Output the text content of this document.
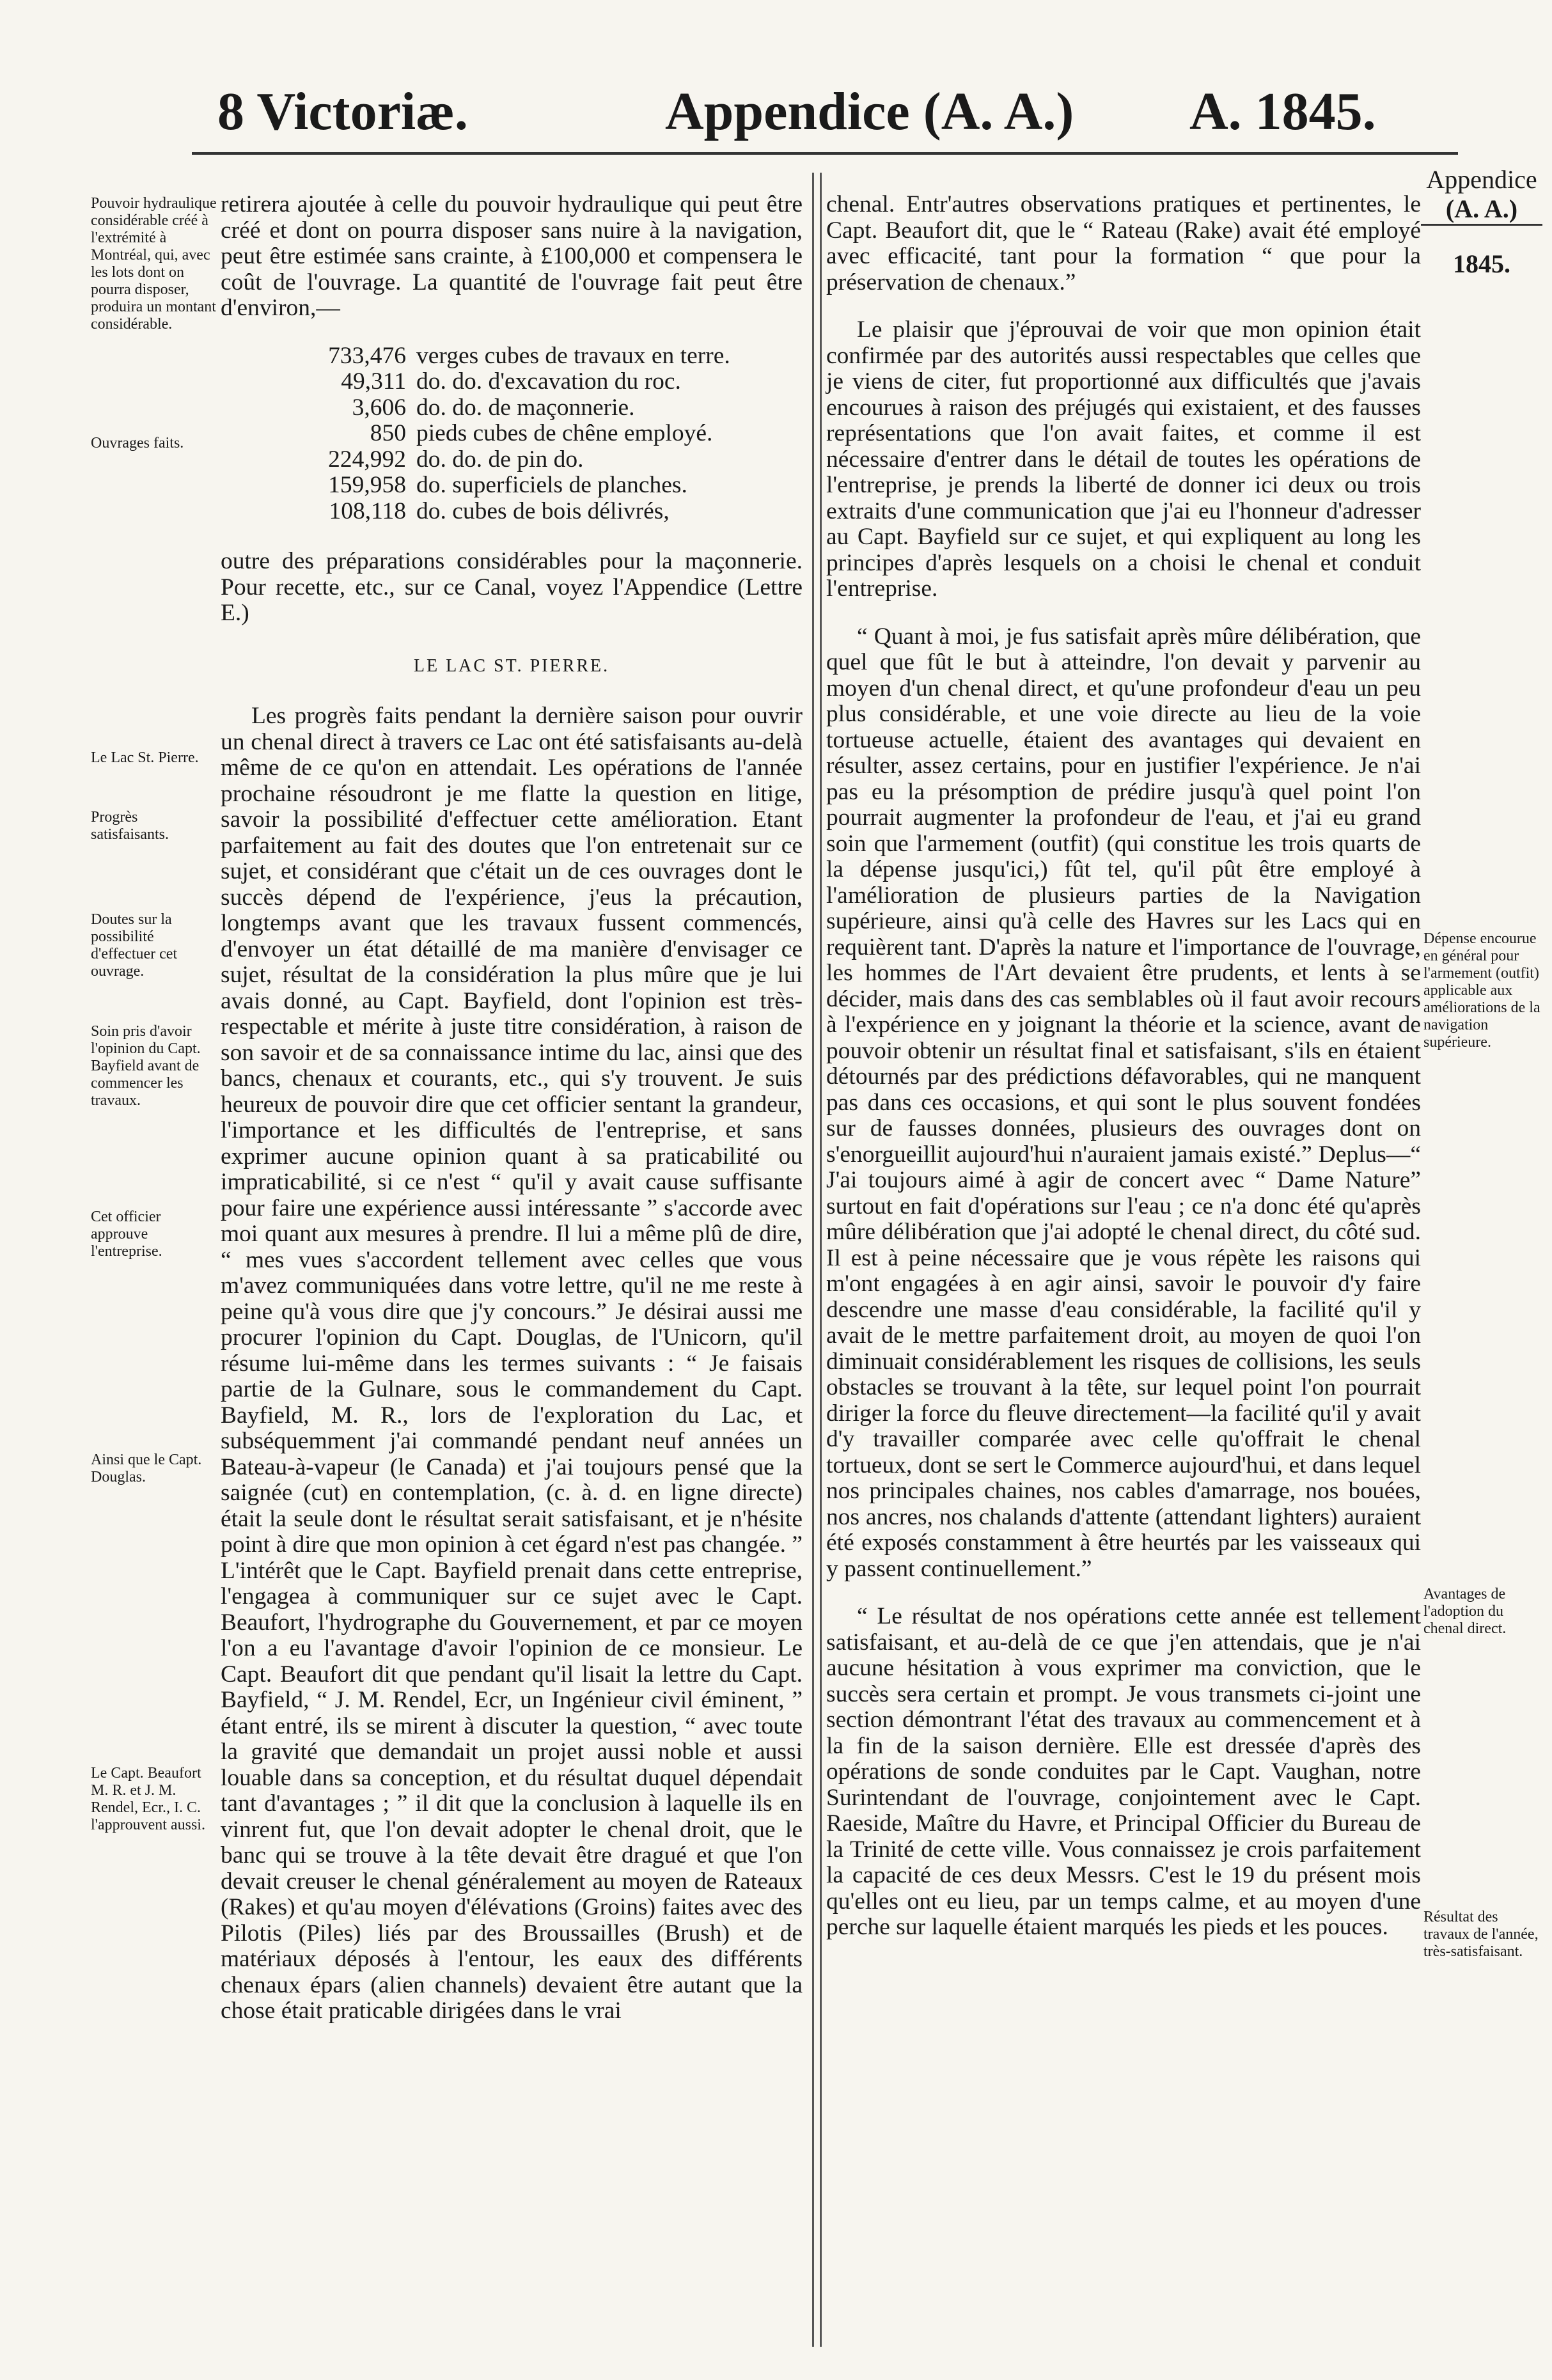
8 Victoriæ.	Appendice (A. A.) A. 1845.
Appendice
(A. A.)
1845.

retirera ajoutée à celle du pouvoir hydraulique qui peut être créé et dont on pourra disposer sans nuire à la navigation, peut être estimée sans crainte, à £100,000 et compensera le coût de l'ouvrage. La quantité de l'ouvrage fait peut être d'environ,—

733,476 verges cubes de travaux en terre.
49,311 do. do. d'excavation du roc.
3,606 do. do. de maçonnerie.
850 pieds cubes de chêne employé.
224,992 do. do. de pin do.
159,958 do. superficiels de planches.
108,118 do. cubes de bois délivrés,

outre des préparations considérables pour la maçonnerie. Pour recette, etc., sur ce Canal, voyez l'Appendice (Lettre E.)

LE LAC ST. PIERRE.

Les progrès faits pendant la dernière saison pour ouvrir un chenal direct à travers ce Lac ont été satisfaisants au-delà même de ce qu'on en attendait. Les opérations de l'année prochaine résoudront je me flatte la question en litige, savoir la possibilité d'effectuer cette amélioration. Etant parfaitement au fait des doutes que l'on entretenait sur ce sujet, et considérant que c'était un de ces ouvrages dont le succès dépend de l'expérience, j'eus la précaution, longtemps avant que les travaux fussent commencés, d'envoyer un état détaillé de ma manière d'envisager ce sujet, résultat de la considération la plus mûre que je lui avais donné, au Capt. Bayfield, dont l'opinion est très-respectable et mérite à juste titre considération, à raison de son savoir et de sa connaissance intime du lac, ainsi que des bancs, chenaux et courants, etc., qui s'y trouvent. Je suis heureux de pouvoir dire que cet officier sentant la grandeur, l'importance et les difficultés de l'entreprise, et sans exprimer aucune opinion quant à sa praticabilité ou impraticabilité, si ce n'est “ qu'il y avait cause suffisante pour faire une expérience aussi intéressante ” s'accorde avec moi quant aux mesures à prendre. Il lui a même plû de dire, “ mes vues s'accordent tellement avec celles que vous m'avez communiquées dans votre lettre, qu'il ne me reste à peine qu'à vous dire que j'y concours.” Je désirai aussi me procurer l'opinion du Capt. Douglas, de l'Unicorn, qu'il résume lui-même dans les termes suivants : “ Je faisais partie de la Gulnare, sous le commandement du Capt. Bayfield, M. R., lors de l'exploration du Lac, et subséquemment j'ai commandé pendant neuf années un Bateau-à-vapeur (le Canada) et j'ai toujours pensé que la saignée (cut) en contemplation, (c. à. d. en ligne directe) était la seule dont le résultat serait satisfaisant, et je n'hésite point à dire que mon opinion à cet égard n'est pas changée. ” L'intérêt que le Capt. Bayfield prenait dans cette entreprise, l'engagea à communiquer sur ce sujet avec le Capt. Beaufort, l'hydrographe du Gouvernement, et par ce moyen l'on a eu l'avantage d'avoir l'opinion de ce monsieur. Le Capt. Beaufort dit que pendant qu'il lisait la lettre du Capt. Bayfield, “ J. M. Rendel, Ecr, un Ingénieur civil éminent, ” étant entré, ils se mirent à discuter la question, “ avec toute la gravité que demandait un projet aussi noble et aussi louable dans sa conception, et du résultat duquel dépendait tant d'avantages ; ” il dit que la conclusion à laquelle ils en vinrent fut, que l'on devait adopter le chenal droit, que le banc qui se trouve à la tête devait être dragué et que l'on devait creuser le chenal généralement au moyen de Rateaux (Rakes) et qu'au moyen d'élévations (Groins) faites avec des Pilotis (Piles) liés par des Broussailles (Brush) et de matériaux déposés à l'entour, les eaux des différents chenaux épars (alien channels) devaient être autant que la chose était praticable dirigées dans le vrai

chenal. Entr'autres observations pratiques et pertinentes, le Capt. Beaufort dit, que le “ Rateau (Rake) avait été employé avec efficacité, tant pour la formation “ que pour la préservation de chenaux.”

Le plaisir que j'éprouvai de voir que mon opinion était confirmée par des autorités aussi respectables que celles que je viens de citer, fut proportionné aux difficultés que j'avais encourues à raison des préjugés qui existaient, et des fausses représentations que l'on avait faites, et comme il est nécessaire d'entrer dans le détail de toutes les opérations de l'entreprise, je prends la liberté de donner ici deux ou trois extraits d'une communication que j'ai eu l'honneur d'adresser au Capt. Bayfield sur ce sujet, et qui expliquent au long les principes d'après lesquels on a choisi le chenal et conduit l'entreprise.

“ Quant à moi, je fus satisfait après mûre délibération, que quel que fût le but à atteindre, l'on devait y parvenir au moyen d'un chenal direct, et qu'une profondeur d'eau un peu plus considérable, et une voie directe au lieu de la voie tortueuse actuelle, étaient des avantages qui devaient en résulter, assez certains, pour en justifier l'expérience. Je n'ai pas eu la présomption de prédire jusqu'à quel point l'on pourrait augmenter la profondeur de l'eau, et j'ai eu grand soin que l'armement (outfit) (qui constitue les trois quarts de la dépense jusqu'ici,) fût tel, qu'il pût être employé à l'amélioration de plusieurs parties de la Navigation supérieure, ainsi qu'à celle des Havres sur les Lacs qui en requièrent tant. D'après la nature et l'importance de l'ouvrage, les hommes de l'Art devaient être prudents, et lents à se décider, mais dans des cas semblables où il faut avoir recours à l'expérience en y joignant la théorie et la science, avant de pouvoir obtenir un résultat final et satisfaisant, s'ils en étaient détournés par des prédictions défavorables, qui ne manquent pas dans ces occasions, et qui sont le plus souvent fondées sur de fausses données, plusieurs des ouvrages dont on s'enorgueillit aujourd'hui n'auraient jamais existé.” Deplus—“ J'ai toujours aimé à agir de concert avec “ Dame Nature” surtout en fait d'opérations sur l'eau ; ce n'a donc été qu'après mûre délibération que j'ai adopté le chenal direct, du côté sud. Il est à peine nécessaire que je vous répète les raisons qui m'ont engagées à en agir ainsi, savoir le pouvoir d'y faire descendre une masse d'eau considérable, la facilité qu'il y avait de le mettre parfaitement droit, au moyen de quoi l'on diminuait considérablement les risques de collisions, les seuls obstacles se trouvant à la tête, sur lequel point l'on pourrait diriger la force du fleuve directement—la facilité qu'il y avait d'y travailler comparée avec celle qu'offrait le chenal tortueux, dont se sert le Commerce aujourd'hui, et dans lequel nos principales chaines, nos cables d'amarrage, nos bouées, nos ancres, nos chalands d'attente (attendant lighters) auraient été exposés constamment à être heurtés par les vaisseaux qui y passent continuellement.”

“ Le résultat de nos opérations cette année est tellement satisfaisant, et au-delà de ce que j'en attendais, que je n'ai aucune hésitation à vous exprimer ma conviction, que le succès sera certain et prompt. Je vous transmets ci-joint une section démontrant l'état des travaux au commencement et à la fin de la saison dernière. Elle est dressée d'après des opérations de sonde conduites par le Capt. Vaughan, notre Surintendant de l'ouvrage, conjointement avec le Capt. Raeside, Maître du Havre, et Principal Officier du Bureau de la Trinité de cette ville. Vous connaissez je crois parfaitement la capacité de ces deux Messrs. C'est le 19 du présent mois qu'elles ont eu lieu, par un temps calme, et au moyen d'une perche sur laquelle étaient marqués les pieds et les pouces.

Pouvoir hydraulique considérable créé à l'extrémité à Montréal, qui, avec les lots dont on pourra disposer, produira un montant considérable.
Ouvrages faits.
Le Lac St. Pierre.
Progrès satisfaisants.
Doutes sur la possibilité d'effectuer cet ouvrage.
Soin pris d'avoir l'opinion du Capt. Bayfield avant de commencer les travaux.
Cet officier approuve l'entreprise.
Ainsi que le Capt. Douglas.
Le Capt. Beaufort M. R. et J. M. Rendel, Ecr., I. C. l'approuvent aussi.
Dépense encourue en général pour l'armement (outfit) applicable aux améliorations de la navigation supérieure.
Avantages de l'adoption du chenal direct.
Résultat des travaux de l'année, très-satisfaisant.
